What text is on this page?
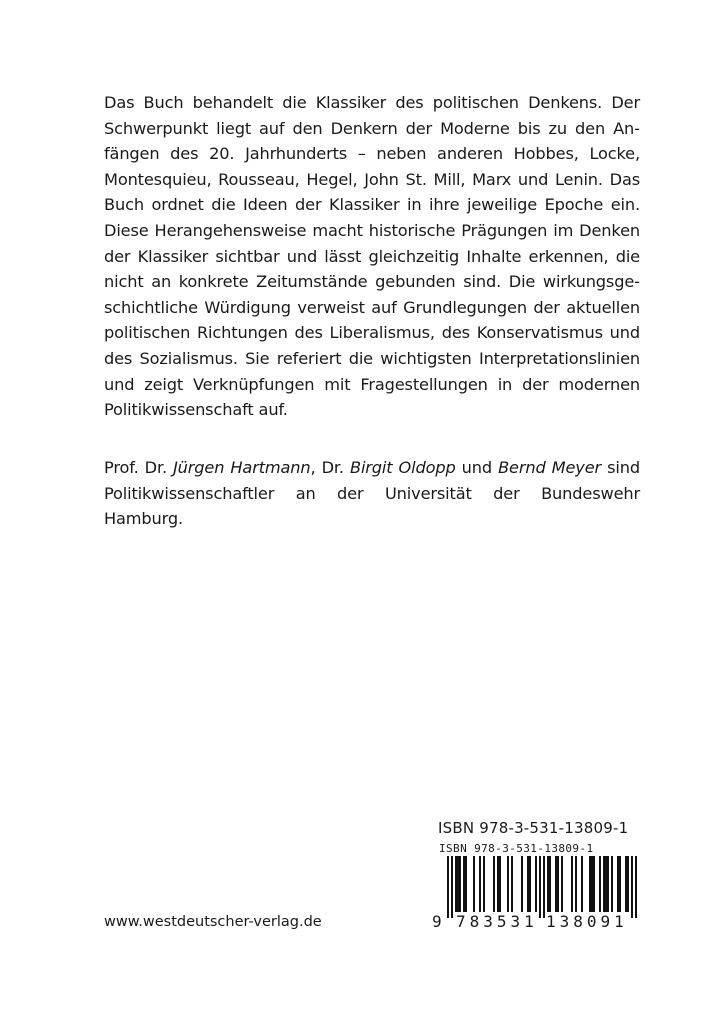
Das Buch behandelt die Klassiker des politischen Denkens. Der Schwerpunkt liegt auf den Denkern der Moderne bis zu den Anfängen des 20. Jahrhunderts – neben anderen Hobbes, Locke, Montesquieu, Rousseau, Hegel, John St. Mill, Marx und Lenin. Das Buch ordnet die Ideen der Klassiker in ihre jeweilige Epoche ein. Diese Herangehensweise macht historische Prägungen im Denken der Klassiker sichtbar und lässt gleichzeitig Inhalte erkennen, die nicht an konkrete Zeitumstände gebunden sind. Die wirkungsgeschichtliche Würdigung verweist auf Grundlegungen der aktuellen politischen Richtungen des Liberalismus, des Konservatismus und des Sozialismus. Sie referiert die wichtigsten Interpretationslinien und zeigt Verknüpfungen mit Fragestellungen in der modernen Politikwissenschaft auf.

Prof. Dr. Jürgen Hartmann, Dr. Birgit Oldopp und Bernd Meyer sind Politikwissenschaftler an der Universität der Bundeswehr Hamburg.

ISBN 978-3-531-13809-1
ISBN 978-3-531-13809-1
9 783531 138091
www.westdeutscher-verlag.de
